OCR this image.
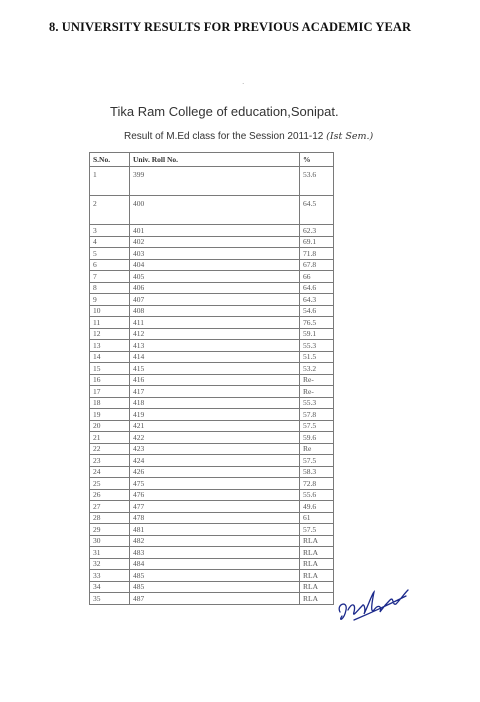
8. UNIVERSITY RESULTS FOR PREVIOUS ACADEMIC YEAR
·
Tika Ram College of education,Sonipat.
Result of M.Ed class for the Session 2011-12 (Ist Sem.)
S.No.	Univ. Roll No.	%
1	399	53.6
2	400	64.5
3	401	62.3
4	402	69.1
5	403	71.8
6	404	67.8
7	405	66
8	406	64.6
9	407	64.3
10	408	54.6
11	411	76.5
12	412	59.1
13	413	55.3
14	414	51.5
15	415	53.2
16	416	Re-
17	417	Re-
18	418	55.3
19	419	57.8
20	421	57.5
21	422	59.6
22	423	Re
23	424	57.5
24	426	58.3
25	475	72.8
26	476	55.6
27	477	49.6
28	478	61
29	481	57.5
30	482	RLA
31	483	RLA
32	484	RLA
33	485	RLA
34	485	RLA
35	487	RLA
